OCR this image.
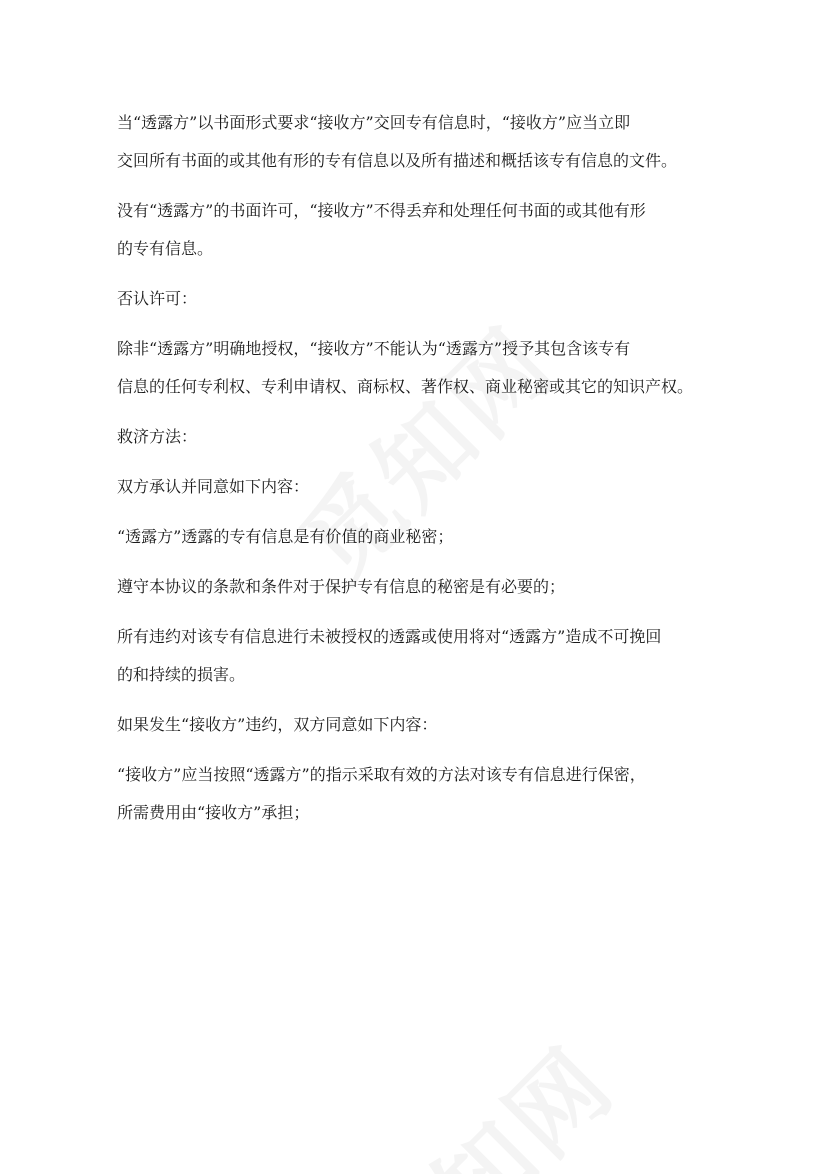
当“透露方”以书面形式要求“接收方”交回专有信息时，“接收方”应当立即

交回所有书面的或其他有形的专有信息以及所有描述和概括该专有信息的文件。

没有“透露方”的书面许可，“接收方”不得丢弃和处理任何书面的或其他有形

的专有信息。

否认许可：

除非“透露方”明确地授权，“接收方”不能认为“透露方”授予其包含该专有

信息的任何专利权、专利申请权、商标权、著作权、商业秘密或其它的知识产权。

救济方法：

双方承认并同意如下内容：

“透露方”透露的专有信息是有价值的商业秘密；

遵守本协议的条款和条件对于保护专有信息的秘密是有必要的；

所有违约对该专有信息进行未被授权的透露或使用将对“透露方”造成不可挽回

的和持续的损害。

如果发生“接收方”违约，双方同意如下内容：

“接收方”应当按照“透露方”的指示采取有效的方法对该专有信息进行保密，

所需费用由“接收方”承担；
